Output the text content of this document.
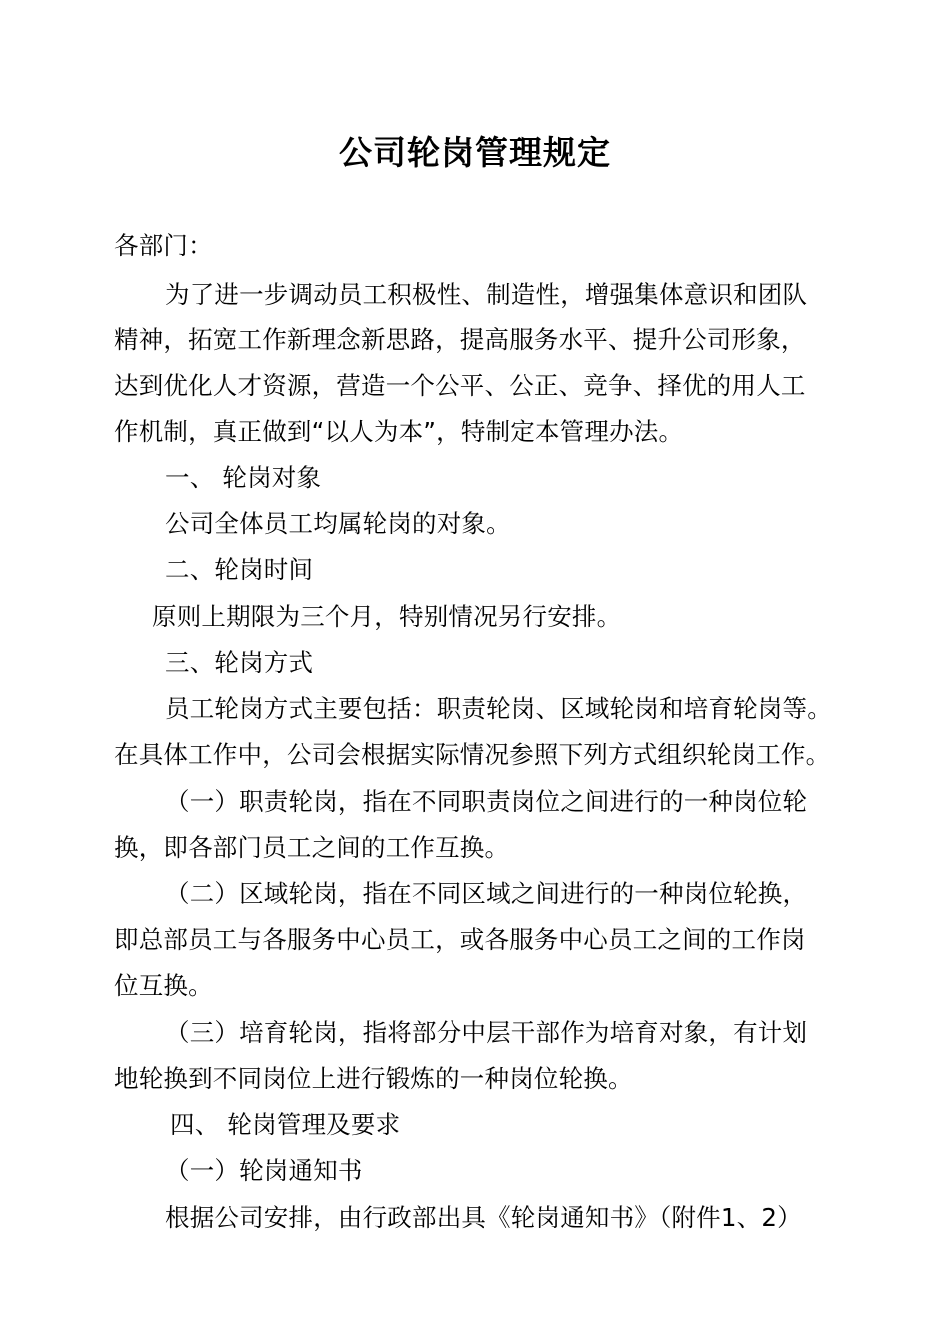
公司轮岗管理规定
各部门：
为了进一步调动员工积极性、制造性，增强集体意识和团队
精神，拓宽工作新理念新思路，提高服务水平、提升公司形象，
达到优化人才资源，营造一个公平、公正、竞争、择优的用人工
作机制，真正做到“以人为本”，特制定本管理办法。
一、 轮岗对象
公司全体员工均属轮岗的对象。
二、轮岗时间
原则上期限为三个月，特别情况另行安排。
三、轮岗方式
员工轮岗方式主要包括：职责轮岗、区域轮岗和培育轮岗等。
在具体工作中，公司会根据实际情况参照下列方式组织轮岗工作。
（一）职责轮岗，指在不同职责岗位之间进行的一种岗位轮
换，即各部门员工之间的工作互换。
（二）区域轮岗，指在不同区域之间进行的一种岗位轮换，
即总部员工与各服务中心员工，或各服务中心员工之间的工作岗
位互换。
（三）培育轮岗，指将部分中层干部作为培育对象，有计划
地轮换到不同岗位上进行锻炼的一种岗位轮换。
四、 轮岗管理及要求
（一）轮岗通知书
根据公司安排，由行政部出具《轮岗通知书》（附件1、2）
